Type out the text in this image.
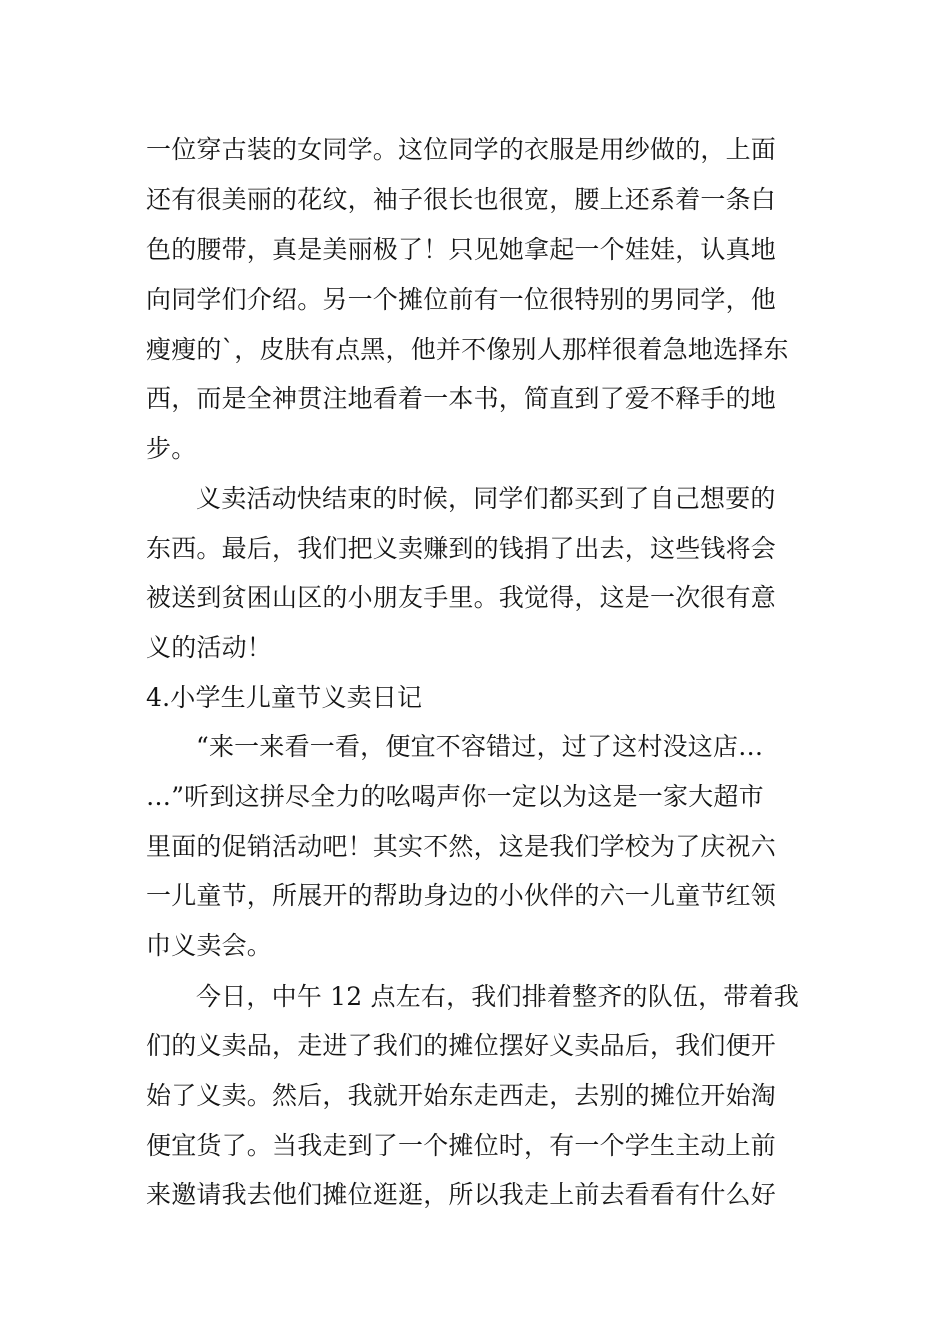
一位穿古装的女同学。这位同学的衣服是用纱做的，上面
还有很美丽的花纹，袖子很长也很宽，腰上还系着一条白
色的腰带，真是美丽极了！只见她拿起一个娃娃，认真地
向同学们介绍。另一个摊位前有一位很特别的男同学，他
瘦瘦的`，皮肤有点黑，他并不像别人那样很着急地选择东
西，而是全神贯注地看着一本书，简直到了爱不释手的地
步。
义卖活动快结束的时候，同学们都买到了自己想要的
东西。最后，我们把义卖赚到的钱捐了出去，这些钱将会
被送到贫困山区的小朋友手里。我觉得，这是一次很有意
义的活动！
4.小学生儿童节义卖日记
“来一来看一看，便宜不容错过，过了这村没这店…
…”听到这拼尽全力的吆喝声你一定以为这是一家大超市
里面的促销活动吧！其实不然，这是我们学校为了庆祝六
一儿童节，所展开的帮助身边的小伙伴的六一儿童节红领
巾义卖会。
今日，中午 12 点左右，我们排着整齐的队伍，带着我
们的义卖品，走进了我们的摊位摆好义卖品后，我们便开
始了义卖。然后，我就开始东走西走，去别的摊位开始淘
便宜货了。当我走到了一个摊位时，有一个学生主动上前
来邀请我去他们摊位逛逛，所以我走上前去看看有什么好
